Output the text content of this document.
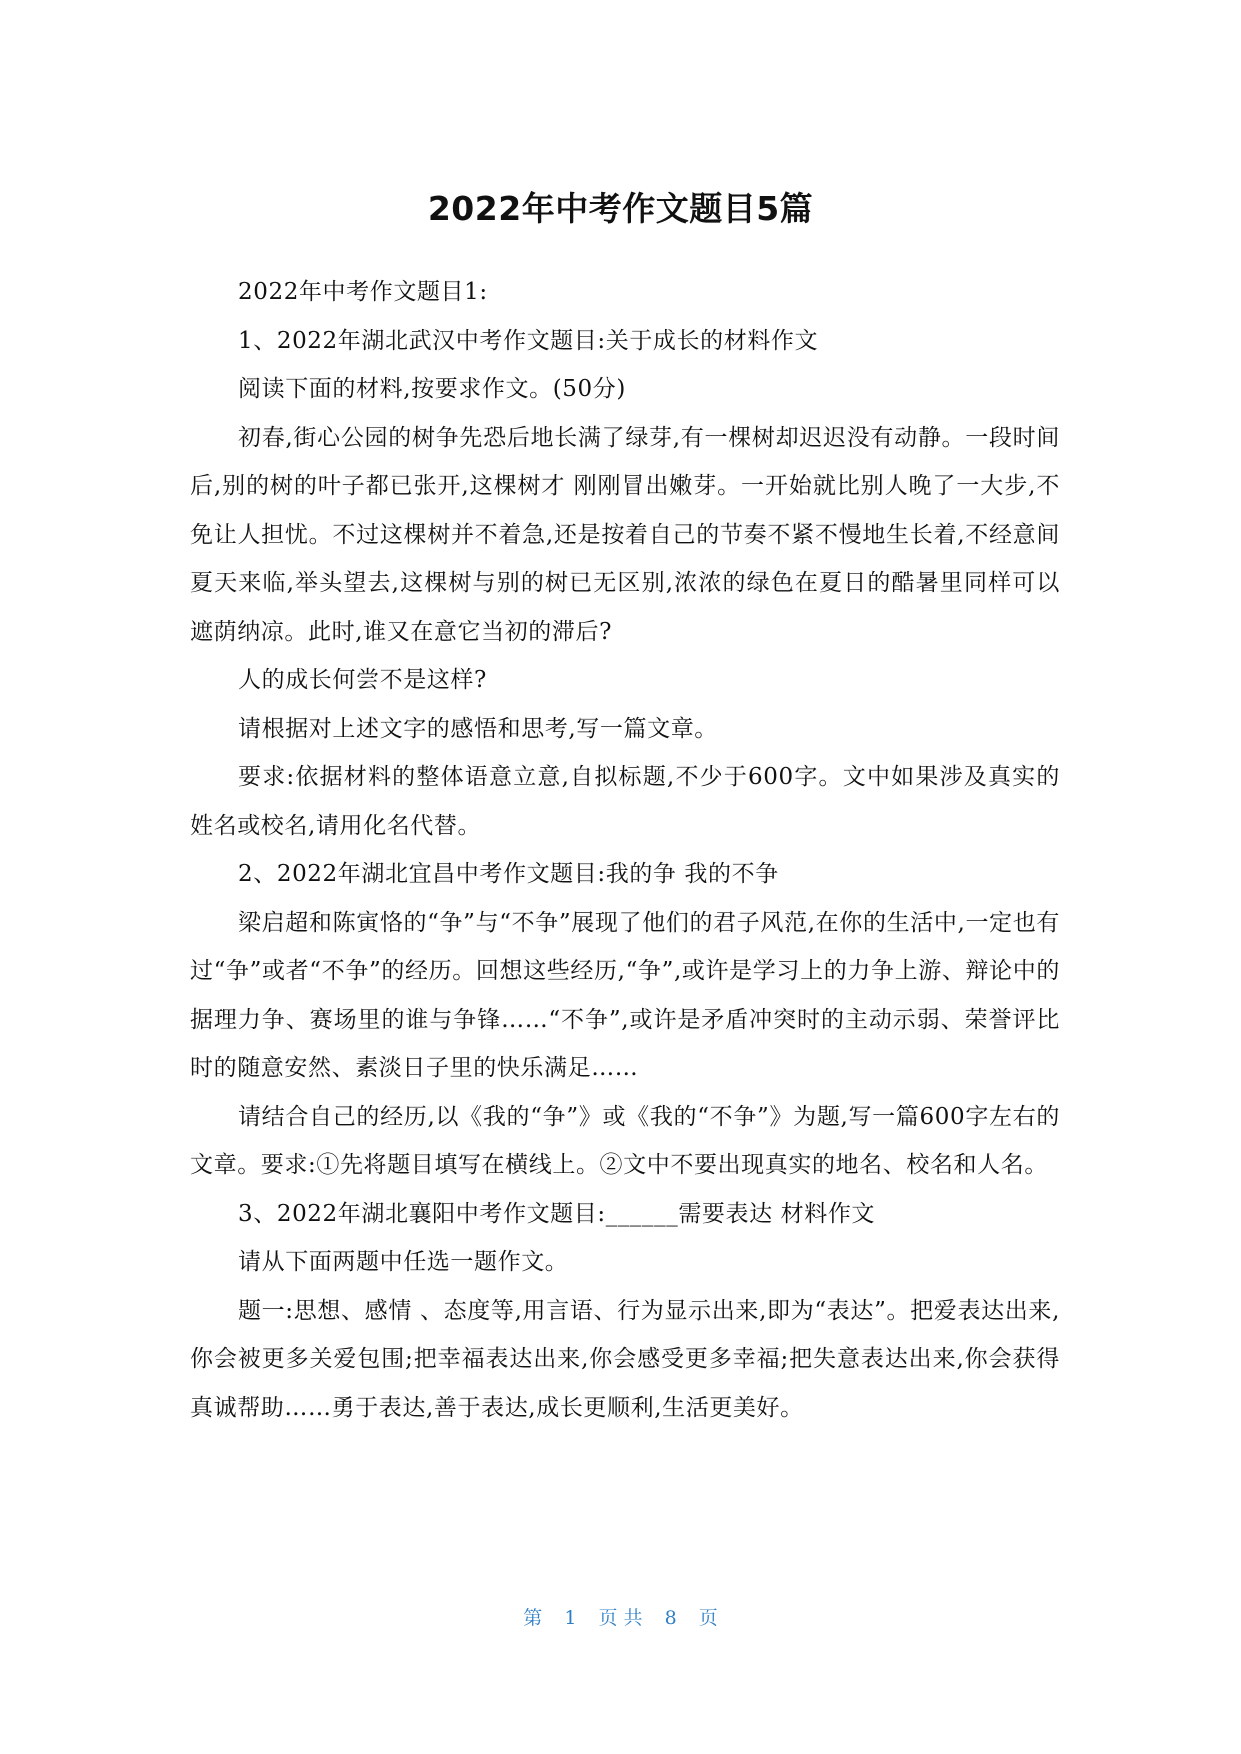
2022年中考作文题目5篇

2022年中考作文题目1:

1、2022年湖北武汉中考作文题目:关于成长的材料作文

阅读下面的材料,按要求作文。(50分)

初春,街心公园的树争先恐后地长满了绿芽,有一棵树却迟迟没有动静。一段时间后,别的树的叶子都已张开,这棵树才 刚刚冒出嫩芽。一开始就比别人晚了一大步,不免让人担忧。不过这棵树并不着急,还是按着自己的节奏不紧不慢地生长着,不经意间夏天来临,举头望去,这棵树与别的树已无区别,浓浓的绿色在夏日的酷暑里同样可以遮荫纳凉。此时,谁又在意它当初的滞后?

人的成长何尝不是这样?

请根据对上述文字的感悟和思考,写一篇文章。

要求:依据材料的整体语意立意,自拟标题,不少于600字。文中如果涉及真实的姓名或校名,请用化名代替。

2、2022年湖北宜昌中考作文题目:我的争 我的不争

梁启超和陈寅恪的“争”与“不争”展现了他们的君子风范,在你的生活中,一定也有过“争”或者“不争”的经历。回想这些经历,“争”,或许是学习上的力争上游、辩论中的据理力争、赛场里的谁与争锋……“不争”,或许是矛盾冲突时的主动示弱、荣誉评比时的随意安然、素淡日子里的快乐满足……

请结合自己的经历,以《我的“争”》或《我的“不争”》为题,写一篇600字左右的文章。要求:①先将题目填写在横线上。②文中不要出现真实的地名、校名和人名。

3、2022年湖北襄阳中考作文题目:______需要表达 材料作文

请从下面两题中任选一题作文。

题一:思想、感情 、态度等,用言语、行为显示出来,即为“表达”。把爱表达出来,你会被更多关爱包围;把幸福表达出来,你会感受更多幸福;把失意表达出来,你会获得真诚帮助……勇于表达,善于表达,成长更顺利,生活更美好。

第 1 页 共 8 页
